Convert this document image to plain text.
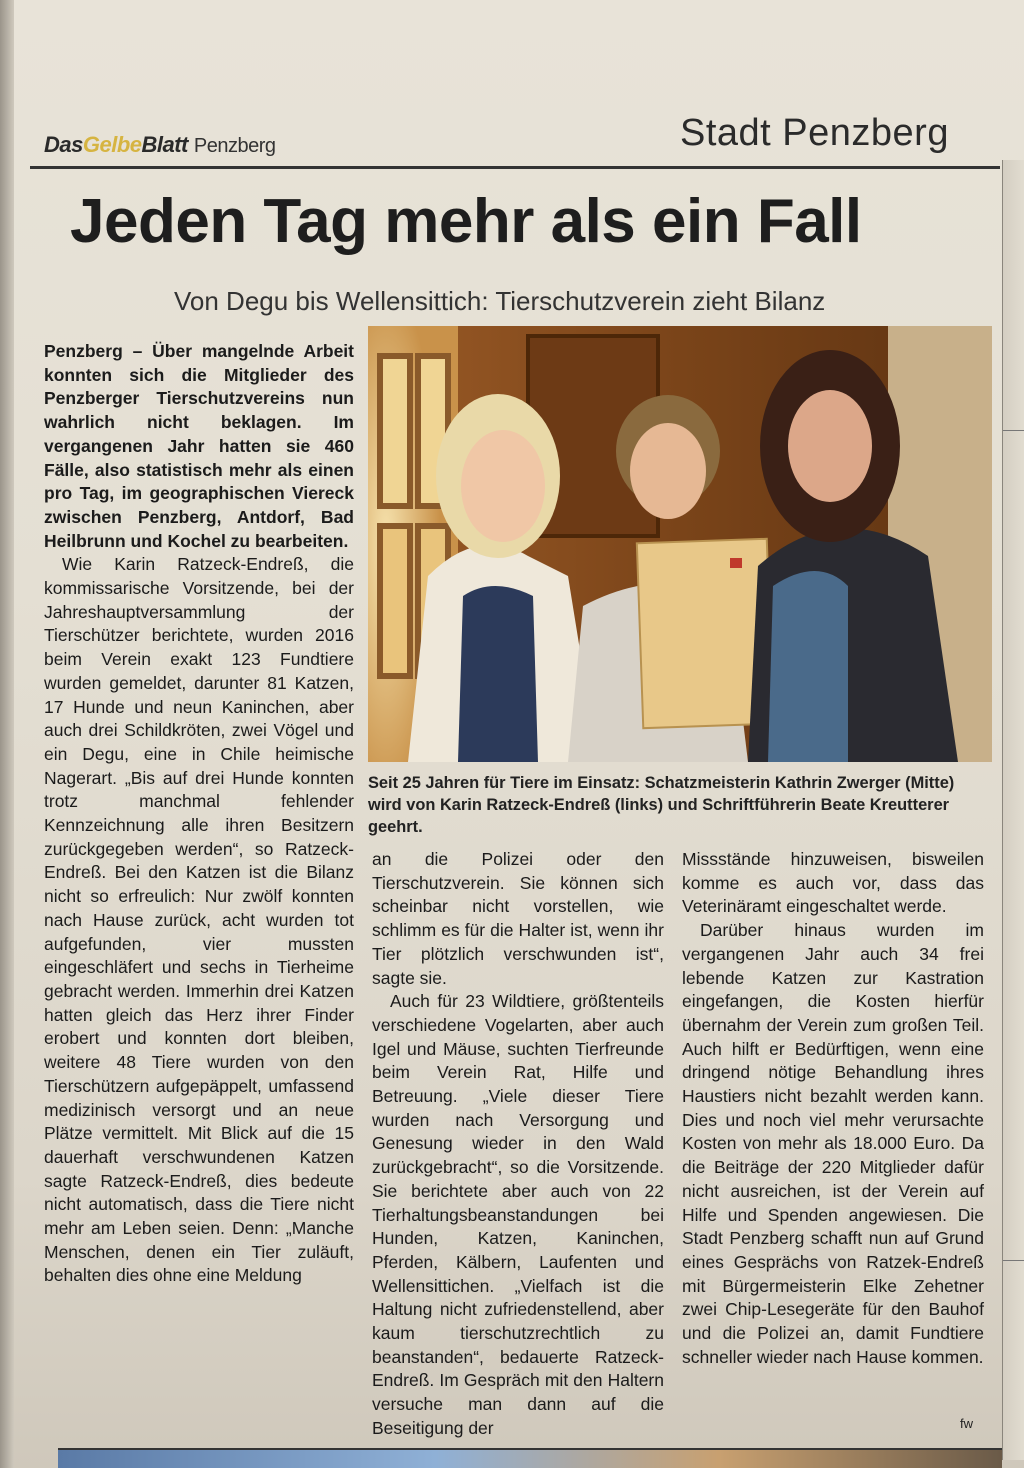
DasGelbeBlatt Penzberg	Stadt Penzberg
Jeden Tag mehr als ein Fall
Von Degu bis Wellensittich: Tierschutzverein zieht Bilanz

Penzberg – Über mangelnde Arbeit konnten sich die Mitglieder des Penzberger Tierschutzvereins nun wahrlich nicht beklagen. Im vergangenen Jahr hatten sie 460 Fälle, also statistisch mehr als einen pro Tag, im geographischen Viereck zwischen Penzberg, Antdorf, Bad Heilbrunn und Kochel zu bearbeiten.

Wie Karin Ratzeck-Endreß, die kommissarische Vorsitzende, bei der Jahreshauptversammlung der Tierschützer berichtete, wurden 2016 beim Verein exakt 123 Fundtiere wurden gemeldet, darunter 81 Katzen, 17 Hunde und neun Kaninchen, aber auch drei Schildkröten, zwei Vögel und ein Degu, eine in Chile heimische Nagerart. „Bis auf drei Hunde konnten trotz manchmal fehlender Kennzeichnung alle ihren Besitzern zurückgegeben werden“, so Ratzeck-Endreß. Bei den Katzen ist die Bilanz nicht so erfreulich: Nur zwölf konnten nach Hause zurück, acht wurden tot aufgefunden, vier mussten eingeschläfert und sechs in Tierheime gebracht werden. Immerhin drei Katzen hatten gleich das Herz ihrer Finder erobert und konnten dort bleiben, weitere 48 Tiere wurden von den Tierschützern aufgepäppelt, umfassend medizinisch versorgt und an neue Plätze vermittelt. Mit Blick auf die 15 dauerhaft verschwundenen Katzen sagte Ratzeck-Endreß, dies bedeute nicht automatisch, dass die Tiere nicht mehr am Leben seien. Denn: „Manche Menschen, denen ein Tier zuläuft, behalten dies ohne eine Meldung

Seit 25 Jahren für Tiere im Einsatz: Schatzmeisterin Kathrin Zwerger (Mitte) wird von Karin Ratzeck-Endreß (links) und Schriftführerin Beate Kreutterer geehrt.

an die Polizei oder den Tierschutzverein. Sie können sich scheinbar nicht vorstellen, wie schlimm es für die Halter ist, wenn ihr Tier plötzlich verschwunden ist“, sagte sie.

Auch für 23 Wildtiere, größtenteils verschiedene Vogelarten, aber auch Igel und Mäuse, suchten Tierfreunde beim Verein Rat, Hilfe und Betreuung. „Viele dieser Tiere wurden nach Versorgung und Genesung wieder in den Wald zurückgebracht“, so die Vorsitzende. Sie berichtete aber auch von 22 Tierhaltungsbeanstandungen bei Hunden, Katzen, Kaninchen, Pferden, Kälbern, Laufenten und Wellensittichen. „Vielfach ist die Haltung nicht zufriedenstellend, aber kaum tierschutzrechtlich zu beanstanden“, bedauerte Ratzeck-Endreß. Im Gespräch mit den Haltern versuche man dann auf die Beseitigung der

Missstände hinzuweisen, bisweilen komme es auch vor, dass das Veterinäramt eingeschaltet werde.

Darüber hinaus wurden im vergangenen Jahr auch 34 frei lebende Katzen zur Kastration eingefangen, die Kosten hierfür übernahm der Verein zum großen Teil. Auch hilft er Bedürftigen, wenn eine dringend nötige Behandlung ihres Haustiers nicht bezahlt werden kann. Dies und noch viel mehr verursachte Kosten von mehr als 18.000 Euro. Da die Beiträge der 220 Mitglieder dafür nicht ausreichen, ist der Verein auf Hilfe und Spenden angewiesen. Die Stadt Penzberg schafft nun auf Grund eines Gesprächs von Ratzek-Endreß mit Bürgermeisterin Elke Zehetner zwei Chip-Lesegeräte für den Bauhof und die Polizei an, damit Fundtiere schneller wieder nach Hause kommen.

fw
